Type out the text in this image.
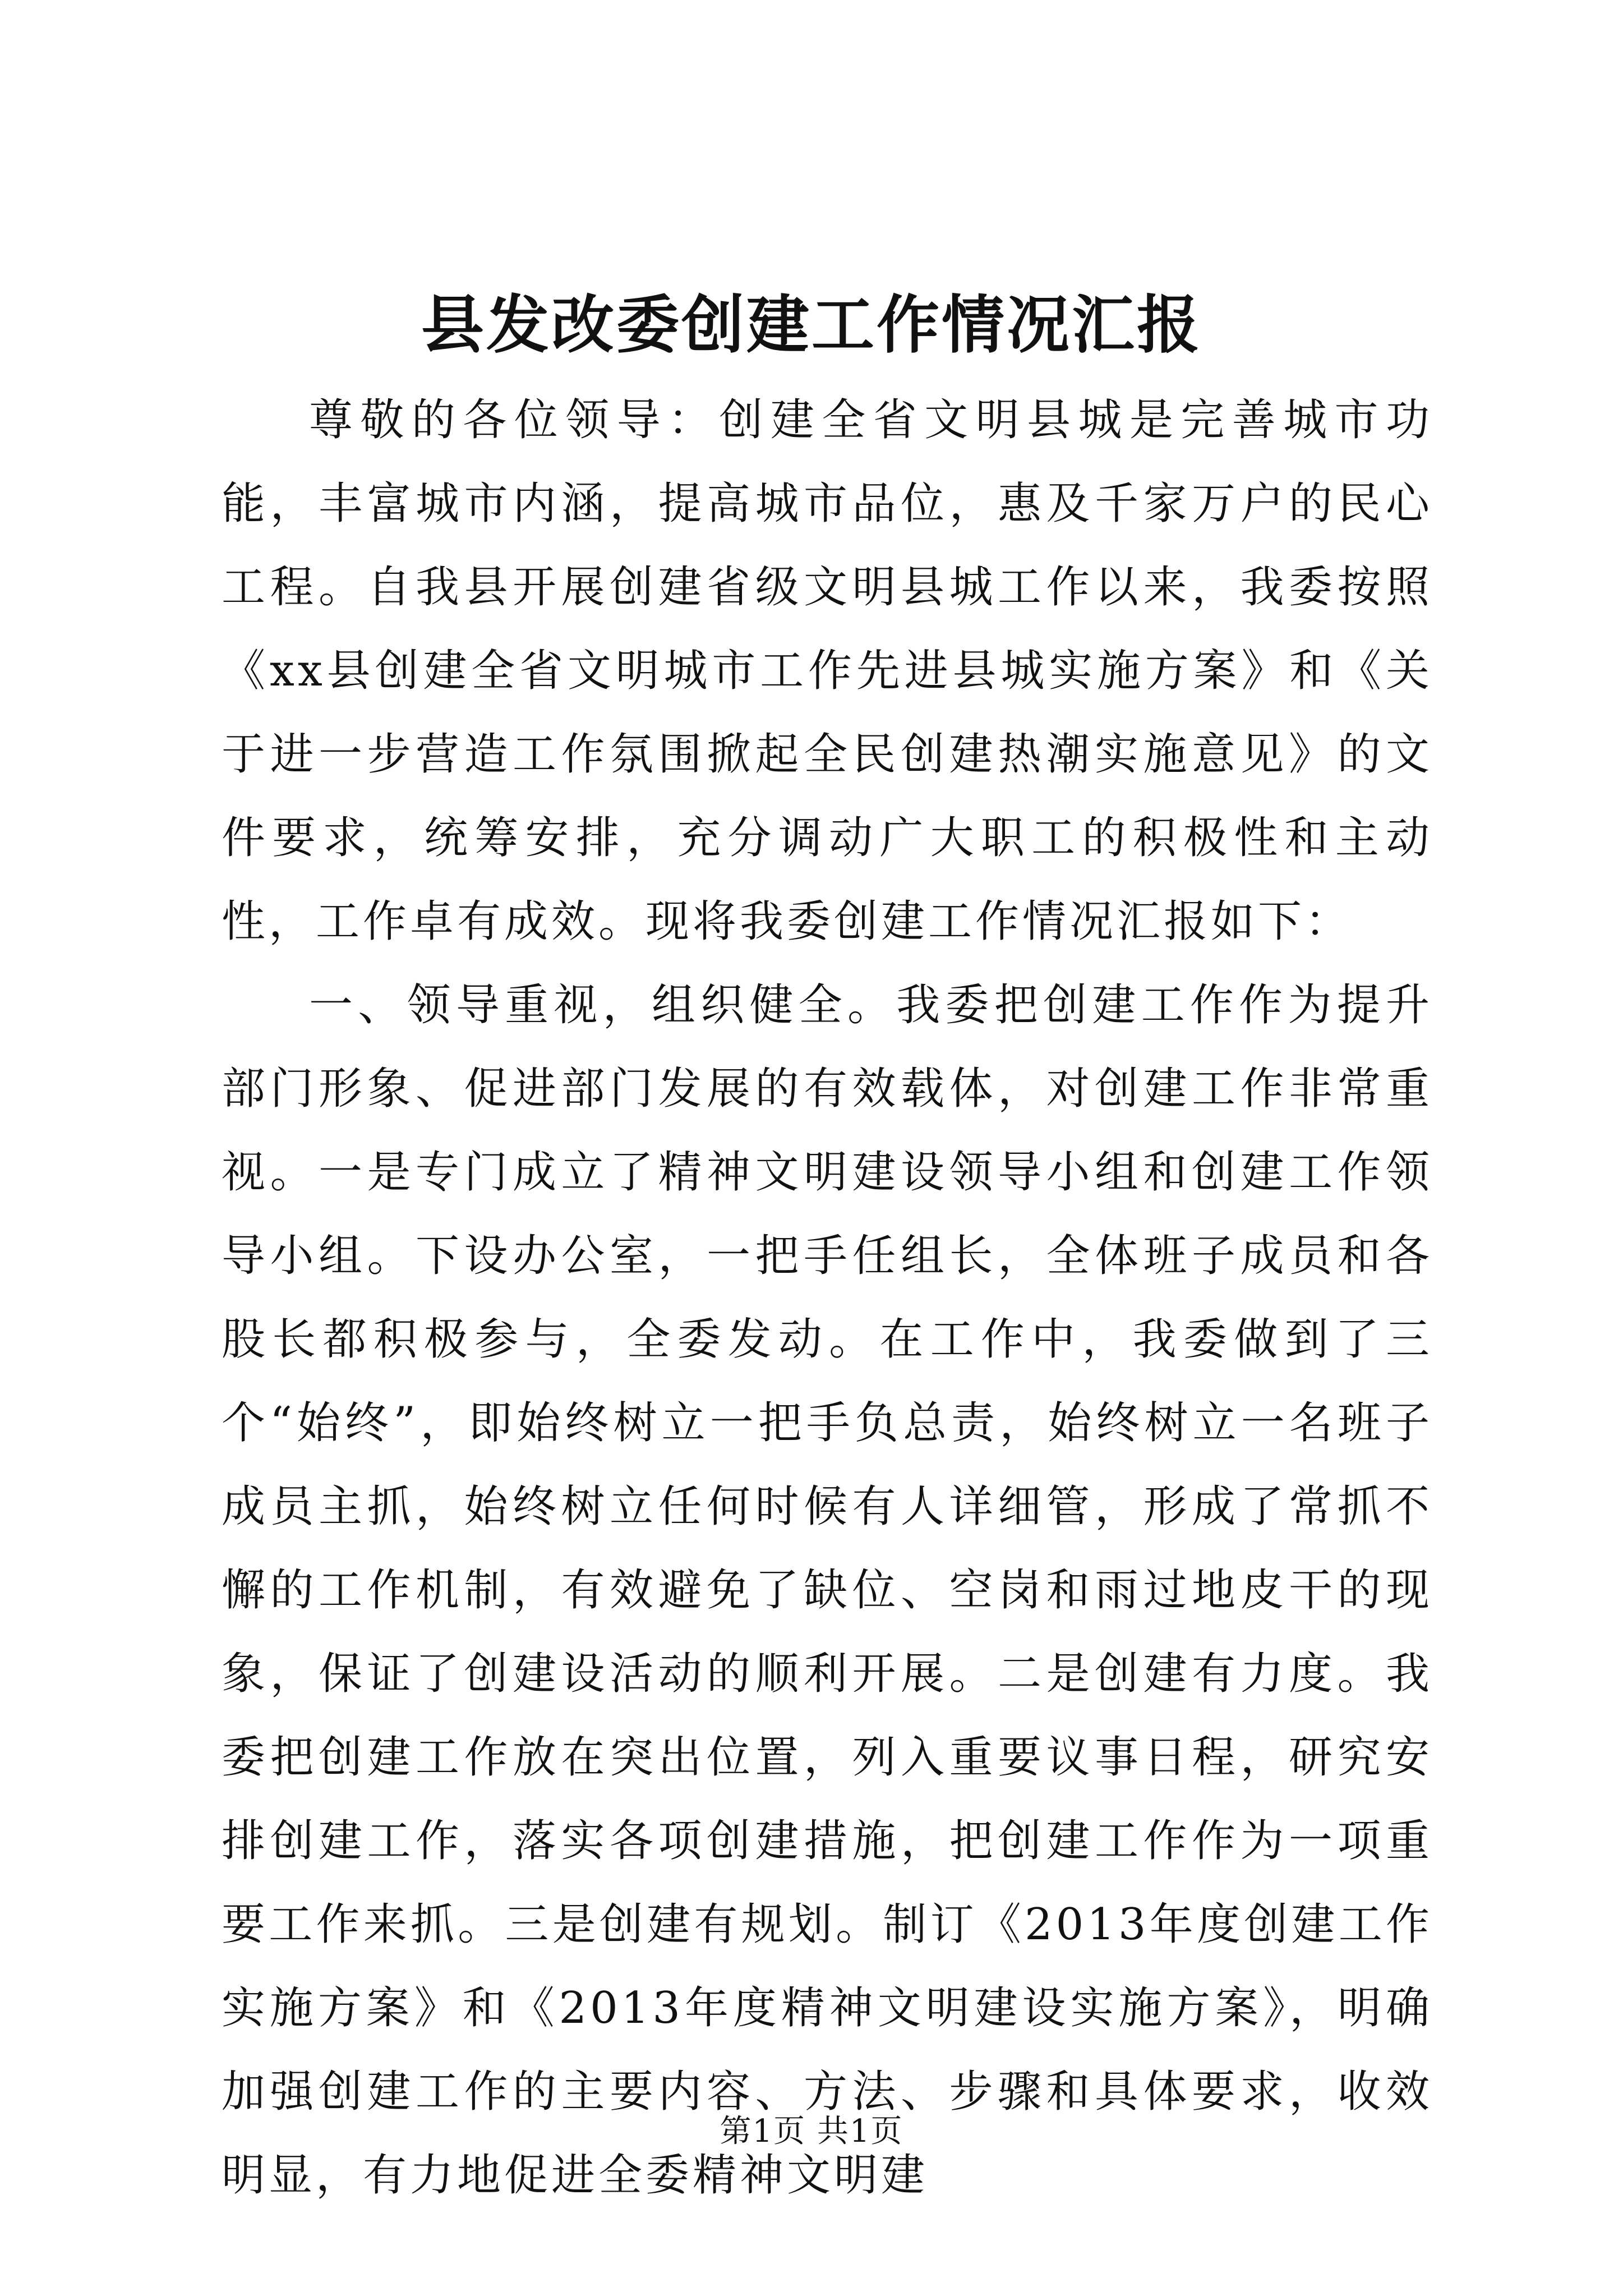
县发改委创建工作情况汇报

尊敬的各位领导：创建全省文明县城是完善城市功能，丰富城市内涵，提高城市品位，惠及千家万户的民心工程。自我县开展创建省级文明县城工作以来，我委按照《xx县创建全省文明城市工作先进县城实施方案》和《关于进一步营造工作氛围掀起全民创建热潮实施意见》的文件要求，统筹安排，充分调动广大职工的积极性和主动性，工作卓有成效。现将我委创建工作情况汇报如下：

一、领导重视，组织健全。我委把创建工作作为提升部门形象、促进部门发展的有效载体，对创建工作非常重视。一是专门成立了精神文明建设领导小组和创建工作领导小组。下设办公室，一把手任组长，全体班子成员和各股长都积极参与，全委发动。在工作中，我委做到了三个“始终”，即始终树立一把手负总责，始终树立一名班子成员主抓，始终树立任何时候有人详细管，形成了常抓不懈的工作机制，有效避免了缺位、空岗和雨过地皮干的现象，保证了创建设活动的顺利开展。二是创建有力度。我委把创建工作放在突出位置，列入重要议事日程，研究安排创建工作，落实各项创建措施，把创建工作作为一项重要工作来抓。三是创建有规划。制订《2013年度创建工作实施方案》和《2013年度精神文明建设实施方案》，明确加强创建工作的主要内容、方法、步骤和具体要求，收效明显，有力地促进全委精神文明建

第1页 共1页
